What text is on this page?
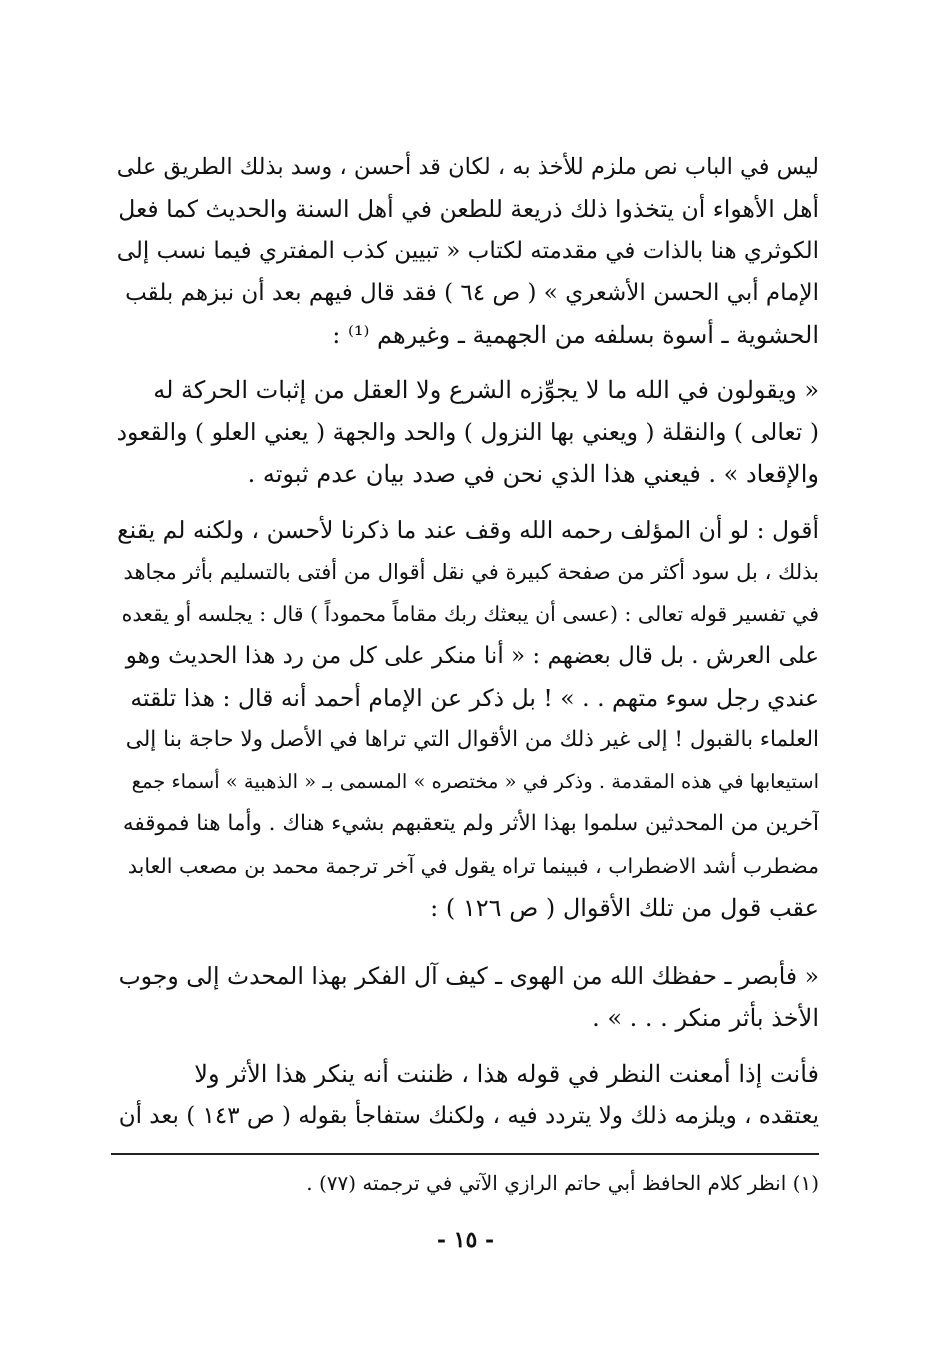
ليس في الباب نص ملزم للأخذ به ، لكان قد أحسن ، وسد بذلك الطريق على
أهل الأهواء أن يتخذوا ذلك ذريعة للطعن في أهل السنة والحديث كما فعل
الكوثري هنا بالذات في مقدمته لكتاب « تبيين كذب المفتري فيما نسب إلى
الإمام أبي الحسن الأشعري » ( ص ٦٤ ) فقد قال فيهم بعد أن نبزهم بلقب
الحشوية ـ أسوة بسلفه من الجهمية ـ وغيرهم ⁽¹⁾ :

« ويقولون في الله ما لا يجوِّزه الشرع ولا العقل من إثبات الحركة له
( تعالى ) والنقلة ( ويعني بها النزول ) والحد والجهة ( يعني العلو ) والقعود
والإقعاد » . فيعني هذا الذي نحن في صدد بيان عدم ثبوته .

أقول : لو أن المؤلف رحمه الله وقف عند ما ذكرنا لأحسن ، ولكنه لم يقنع
بذلك ، بل سود أكثر من صفحة كبيرة في نقل أقوال من أفتى بالتسليم بأثر مجاهد
في تفسير قوله تعالى : (عسى أن يبعثك ربك مقاماً محموداً ) قال : يجلسه أو يقعده
على العرش . بل قال بعضهم : « أنا منكر على كل من رد هذا الحديث وهو
عندي رجل سوء متهم . . » ! بل ذكر عن الإمام أحمد أنه قال : هذا تلقته
العلماء بالقبول ! إلى غير ذلك من الأقوال التي تراها في الأصل ولا حاجة بنا إلى
استيعابها في هذه المقدمة . وذكر في « مختصره » المسمى بـ « الذهبية » أسماء جمع
آخرين من المحدثين سلموا بهذا الأثر ولم يتعقبهم بشيء هناك . وأما هنا فموقفه
مضطرب أشد الاضطراب ، فبينما تراه يقول في آخر ترجمة محمد بن مصعب العابد
عقب قول من تلك الأقوال ( ص ١٢٦ ) :

« فأبصر ـ حفظك الله من الهوى ـ كيف آل الفكر بهذا المحدث إلى وجوب
الأخذ بأثر منكر . . . » .

فأنت إذا أمعنت النظر في قوله هذا ، ظننت أنه ينكر هذا الأثر ولا
يعتقده ، ويلزمه ذلك ولا يتردد فيه ، ولكنك ستفاجأ بقوله ( ص ١٤٣ ) بعد أن

(١) انظر كلام الحافظ أبي حاتم الرازي الآتي في ترجمته (٧٧) .
- ١٥ -
